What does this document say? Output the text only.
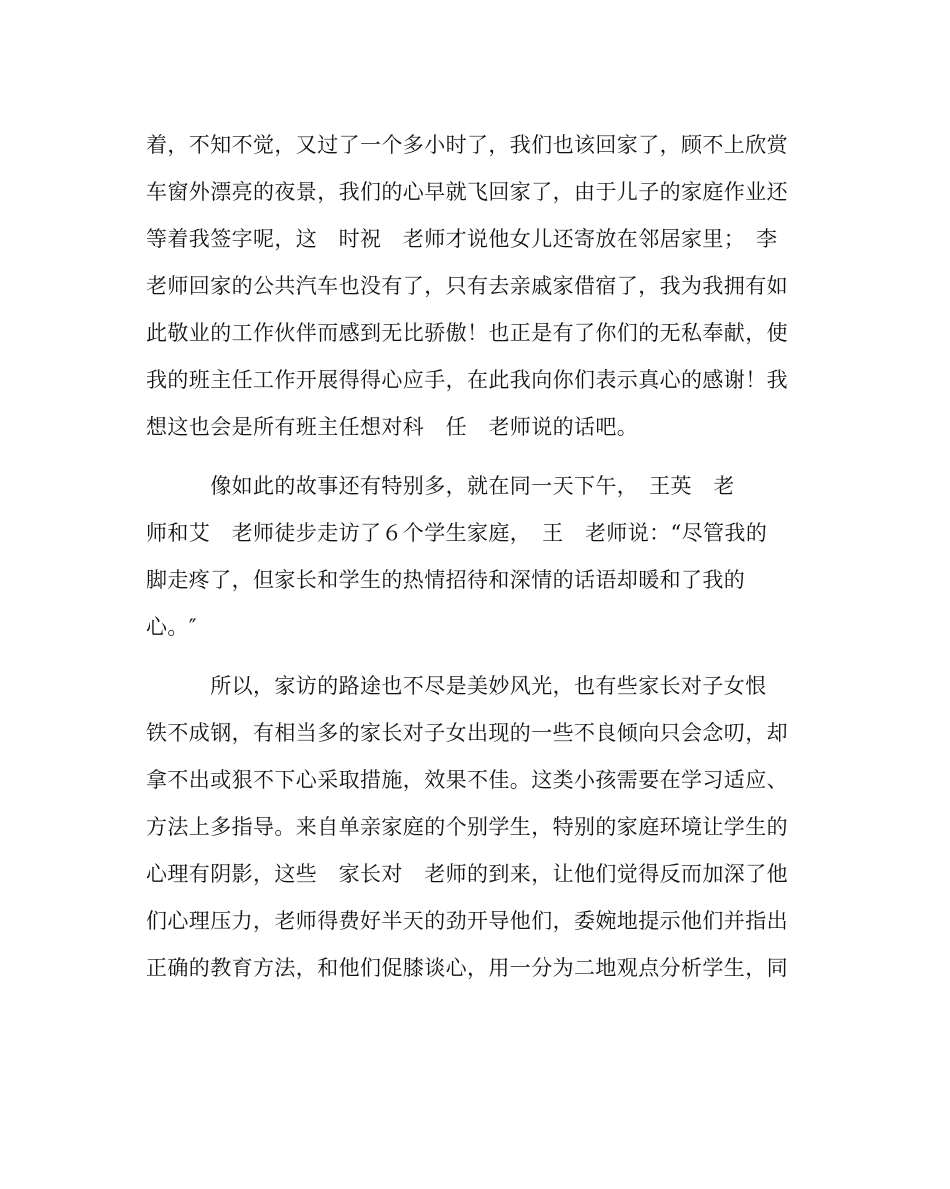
着，不知不觉，又过了一个多小时了，我们也该回家了，顾不上欣赏
车窗外漂亮的夜景，我们的心早就飞回家了，由于儿子的家庭作业还
等着我签字呢，这　时祝　老师才说他女儿还寄放在邻居家里；　李
老师回家的公共汽车也没有了，只有去亲戚家借宿了，我为我拥有如
此敬业的工作伙伴而感到无比骄傲！也正是有了你们的无私奉献，使
我的班主任工作开展得得心应手，在此我向你们表示真心的感谢！我
想这也会是所有班主任想对科　任　老师说的话吧。
　　　像如此的故事还有特别多，就在同一天下午，　王英　老
师和艾　老师徒步走访了６个学生家庭，　王　老师说：“尽管我的
脚走疼了，但家长和学生的热情招待和深情的话语却暖和了我的
心。″
　　　所以，家访的路途也不尽是美妙风光，也有些家长对子女恨
铁不成钢，有相当多的家长对子女出现的一些不良倾向只会念叨，却
拿不出或狠不下心采取措施，效果不佳。这类小孩需要在学习适应、
方法上多指导。来自单亲家庭的个别学生，特别的家庭环境让学生的
心理有阴影，这些　家长对　老师的到来，让他们觉得反而加深了他
们心理压力，老师得费好半天的劲开导他们，委婉地提示他们并指出
正确的教育方法，和他们促膝谈心，用一分为二地观点分析学生，同
